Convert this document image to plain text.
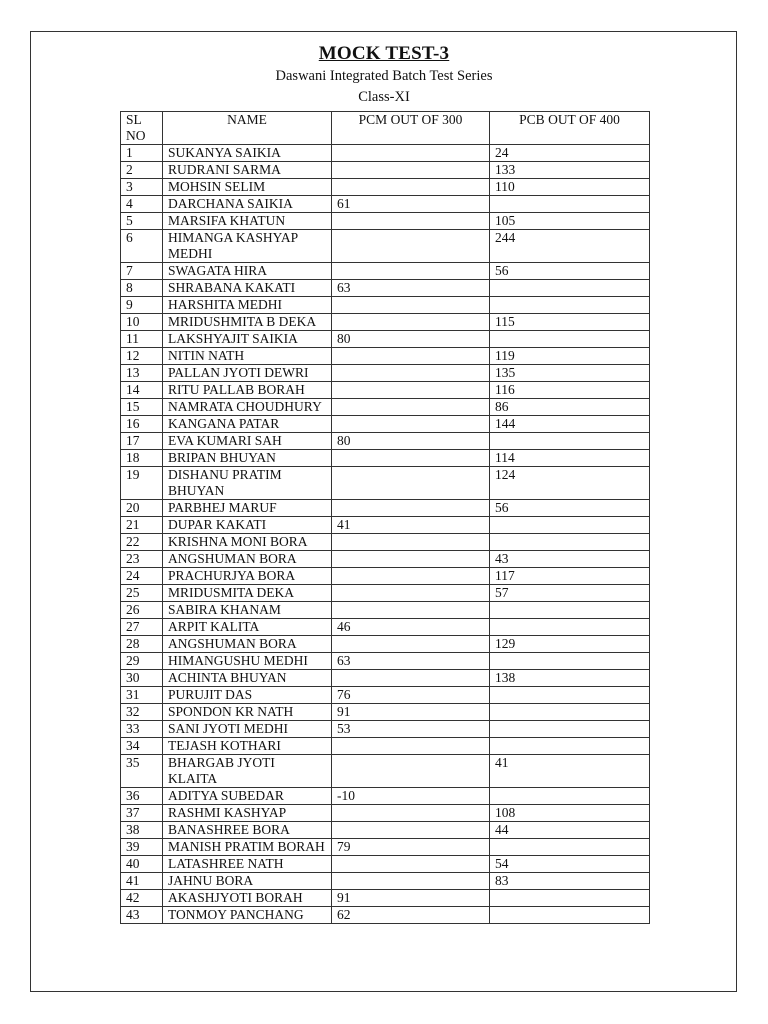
MOCK TEST-3
Daswani Integrated Batch Test Series
Class-XI
SL NO	NAME	PCM OUT OF 300	PCB OUT OF 400
1	SUKANYA SAIKIA		24
2	RUDRANI SARMA		133
3	MOHSIN SELIM		110
4	DARCHANA SAIKIA	61	
5	MARSIFA KHATUN		105
6	HIMANGA KASHYAP MEDHI		244
7	SWAGATA HIRA		56
8	SHRABANA KAKATI	63	
9	HARSHITA MEDHI		
10	MRIDUSHMITA B DEKA		115
11	LAKSHYAJIT SAIKIA	80	
12	NITIN NATH		119
13	PALLAN JYOTI DEWRI		135
14	RITU PALLAB BORAH		116
15	NAMRATA CHOUDHURY		86
16	KANGANA PATAR		144
17	EVA KUMARI SAH	80	
18	BRIPAN BHUYAN		114
19	DISHANU PRATIM BHUYAN		124
20	PARBHEJ MARUF		56
21	DUPAR KAKATI	41	
22	KRISHNA MONI BORA		
23	ANGSHUMAN BORA		43
24	PRACHURJYA BORA		117
25	MRIDUSMITA DEKA		57
26	SABIRA KHANAM		
27	ARPIT KALITA	46	
28	ANGSHUMAN BORA		129
29	HIMANGUSHU MEDHI	63	
30	ACHINTA BHUYAN		138
31	PURUJIT DAS	76	
32	SPONDON KR NATH	91	
33	SANI JYOTI MEDHI	53	
34	TEJASH KOTHARI		
35	BHARGAB JYOTI KLAITA		41
36	ADITYA SUBEDAR	-10	
37	RASHMI KASHYAP		108
38	BANASHREE BORA		44
39	MANISH PRATIM BORAH	79	
40	LATASHREE NATH		54
41	JAHNU BORA		83
42	AKASHJYOTI BORAH	91	
43	TONMOY PANCHANG	62	
